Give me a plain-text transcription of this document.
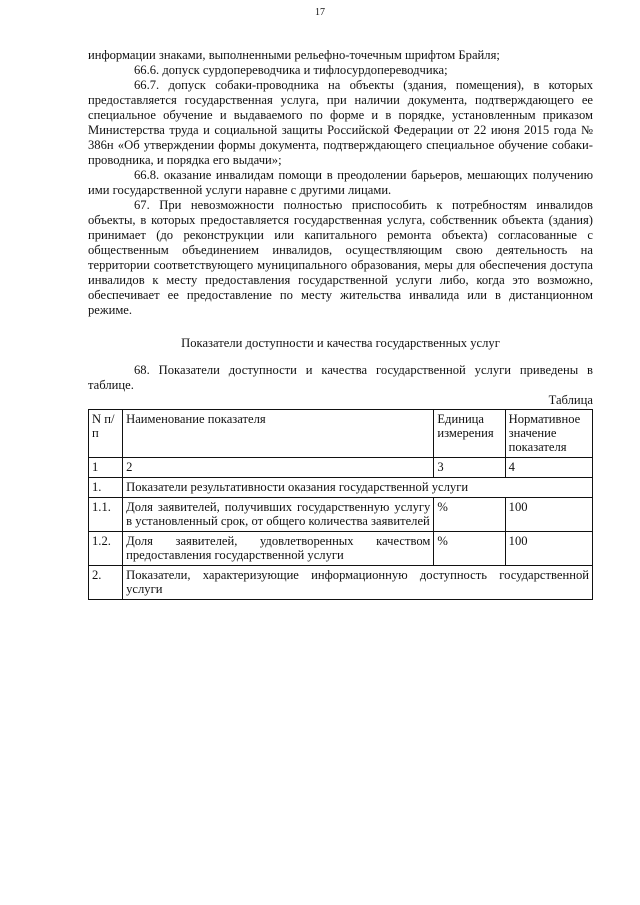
17

информации знаками, выполненными рельефно-точечным шрифтом Брайля;

66.6. допуск сурдопереводчика и тифлосурдопереводчика;

66.7. допуск собаки-проводника на объекты (здания, помещения), в которых предоставляется государственная услуга, при наличии документа, подтверждающего ее специальное обучение и выдаваемого по форме и в порядке, установленным приказом Министерства труда и социальной защиты Российской Федерации от 22 июня 2015 года № 386н «Об утверждении формы документа, подтверждающего специальное обучение собаки-проводника, и порядка его выдачи»;

66.8. оказание инвалидам помощи в преодолении барьеров, мешающих получению ими государственной услуги наравне с другими лицами.

67. При невозможности полностью приспособить к потребностям инвалидов объекты, в которых предоставляется государственная услуга, собственник объекта (здания) принимает (до реконструкции или капитального ремонта объекта) согласованные с общественным объединением инвалидов, осуществляющим свою деятельность на территории соответствующего муниципального образования, меры для обеспечения доступа инвалидов к месту предоставления государственной услуги либо, когда это возможно, обеспечивает ее предоставление по месту жительства инвалида или в дистанционном режиме.

Показатели доступности и качества государственных услуг

68. Показатели доступности и качества государственной услуги приведены в таблице.

Таблица

N п/п	Наименование показателя	Единица измерения	Нормативное значение показателя
1	2	3	4
1.	Показатели результативности оказания государственной услуги		
1.1.	Доля заявителей, получивших государственную услугу в установленный срок, от общего количества заявителей	%	100
1.2.	Доля заявителей, удовлетворенных качеством предоставления государственной услуги	%	100
2.	Показатели, характеризующие информационную доступность государственной услуги		
